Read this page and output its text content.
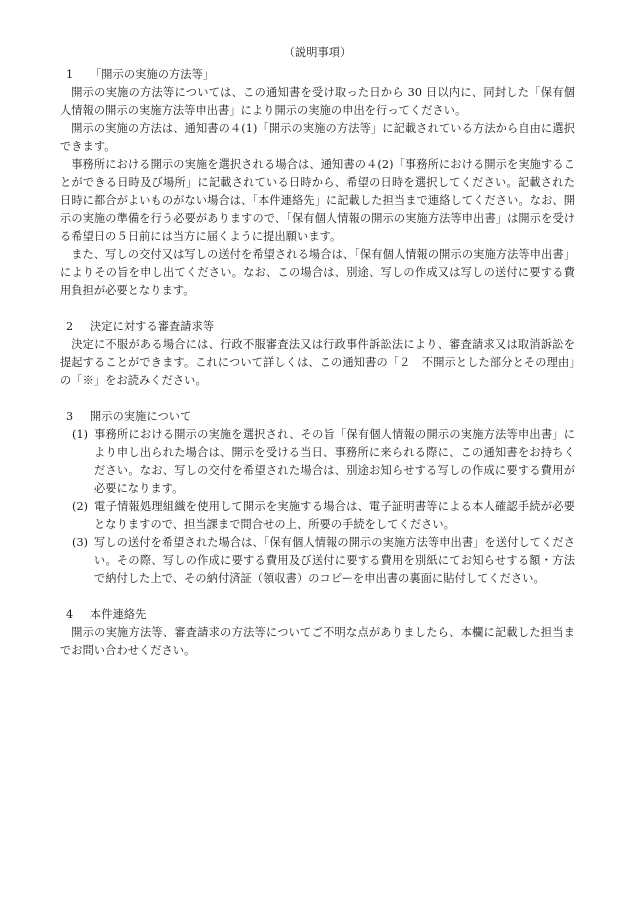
（説明事項）
1 「開示の実施の方法等」

開示の実施の方法等については、この通知書を受け取った日から 30 日以内に、同封した「保有個人情報の開示の実施方法等申出書」により開示の実施の申出を行ってください。

開示の実施の方法は、通知書の４(1)「開示の実施の方法等」に記載されている方法から自由に選択できます。

事務所における開示の実施を選択される場合は、通知書の４(2)「事務所における開示を実施することができる日時及び場所」に記載されている日時から、希望の日時を選択してください。記載された日時に都合がよいものがない場合は、「本件連絡先」に記載した担当まで連絡してください。なお、開示の実施の準備を行う必要がありますので、「保有個人情報の開示の実施方法等申出書」は開示を受ける希望日の５日前には当方に届くように提出願います。

また、写しの交付又は写しの送付を希望される場合は、「保有個人情報の開示の実施方法等申出書」によりその旨を申し出てください。なお、この場合は、別途、写しの作成又は写しの送付に要する費用負担が必要となります。

2 決定に対する審査請求等

決定に不服がある場合には、行政不服審査法又は行政事件訴訟法により、審査請求又は取消訴訟を提起することができます。これについて詳しくは、この通知書の「２　不開示とした部分とその理由」の「※」をお読みください。

3 開示の実施について
(1) 事務所における開示の実施を選択され、その旨「保有個人情報の開示の実施方法等申出書」により申し出られた場合は、開示を受ける当日、事務所に来られる際に、この通知書をお持ちください。なお、写しの交付を希望された場合は、別途お知らせする写しの作成に要する費用が必要になります。
(2) 電子情報処理組織を使用して開示を実施する場合は、電子証明書等による本人確認手続が必要となりますので、担当課まで問合せの上、所要の手続をしてください。
(3) 写しの送付を希望された場合は、「保有個人情報の開示の実施方法等申出書」を送付してください。その際、写しの作成に要する費用及び送付に要する費用を別紙にてお知らせする額・方法で納付した上で、その納付済証（領収書）のコピーを申出書の裏面に貼付してください。
4 本件連絡先

開示の実施方法等、審査請求の方法等についてご不明な点がありましたら、本欄に記載した担当までお問い合わせください。
